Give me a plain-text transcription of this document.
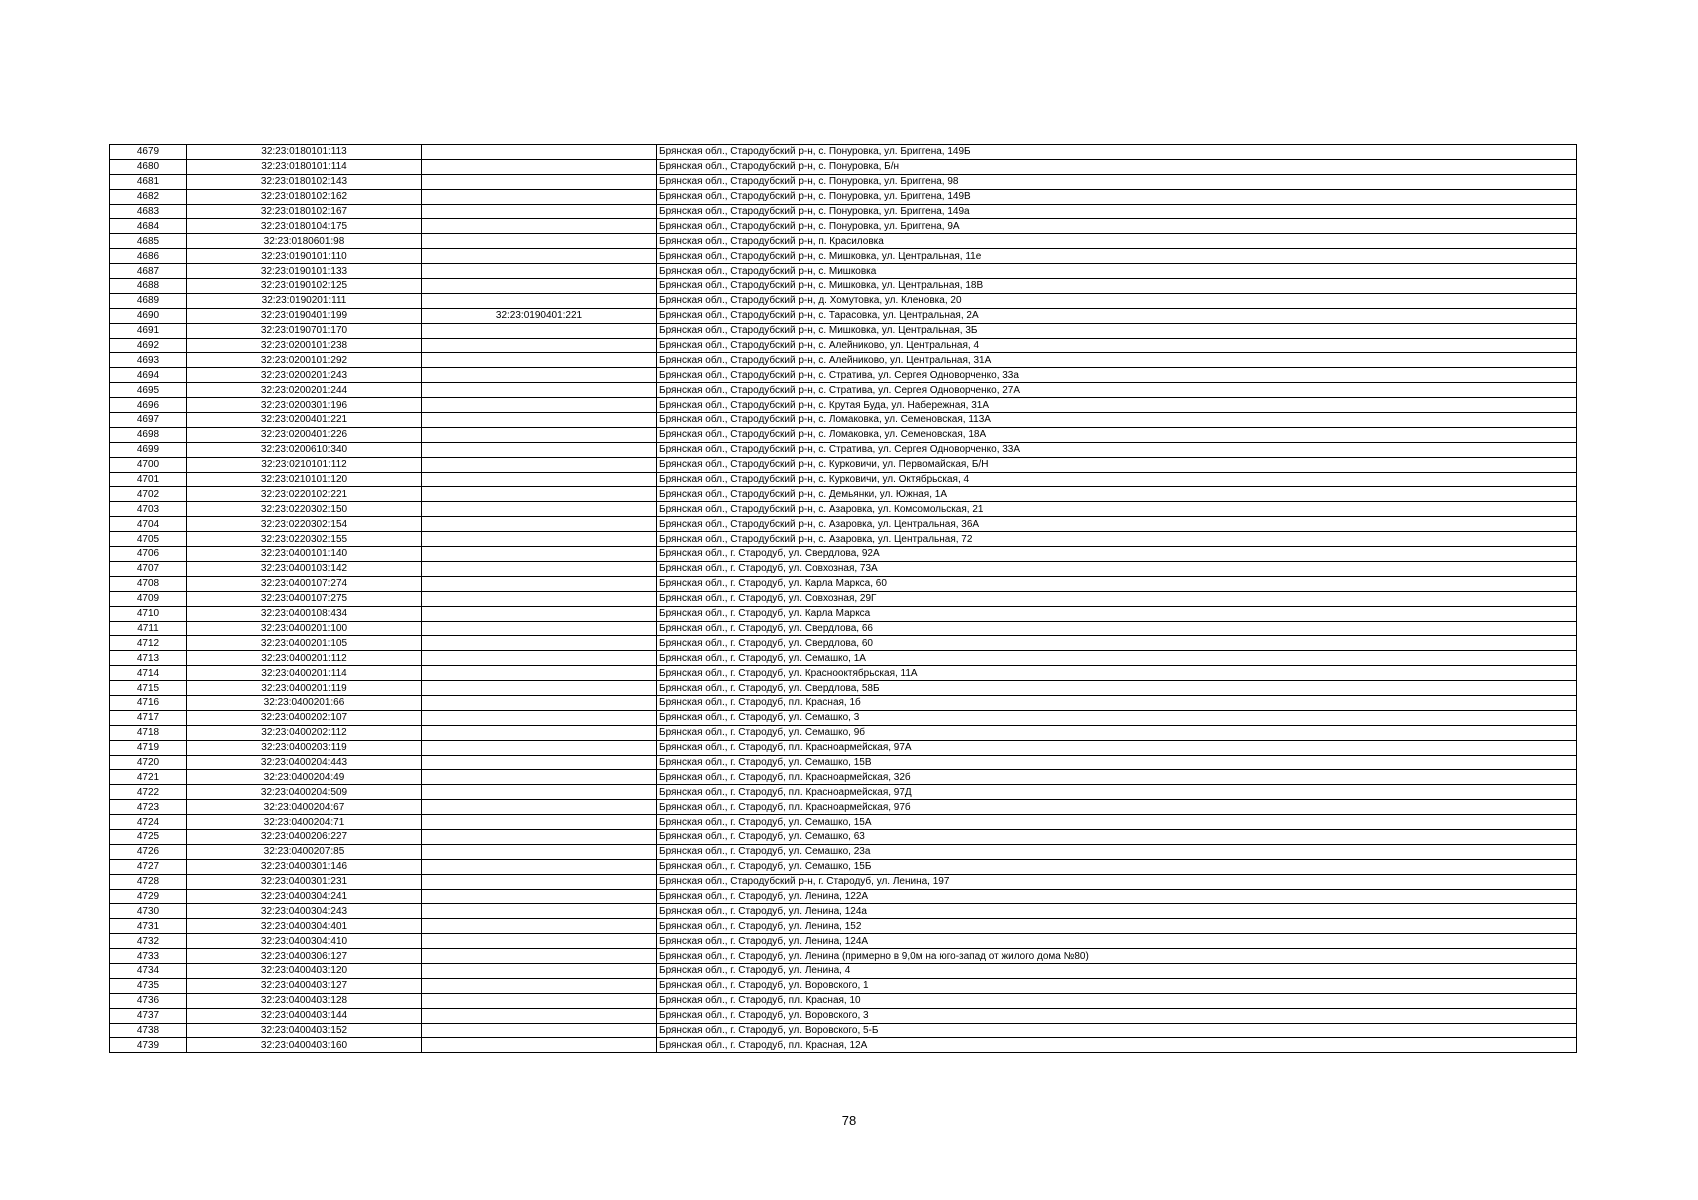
4679	32:23:0180101:113		Брянская обл., Стародубский р-н, с. Понуровка, ул. Бриггена, 149Б
4680	32:23:0180101:114		Брянская обл., Стародубский р-н, с. Понуровка, Б/н
4681	32:23:0180102:143		Брянская обл., Стародубский р-н, с. Понуровка, ул. Бриггена, 98
4682	32:23:0180102:162		Брянская обл., Стародубский р-н, с. Понуровка, ул. Бриггена, 149В
4683	32:23:0180102:167		Брянская обл., Стародубский р-н, с. Понуровка, ул. Бриггена, 149а
4684	32:23:0180104:175		Брянская обл., Стародубский р-н, с. Понуровка, ул. Бриггена, 9А
4685	32:23:0180601:98		Брянская обл., Стародубский р-н, п. Красиловка
4686	32:23:0190101:110		Брянская обл., Стародубский р-н, с. Мишковка, ул. Центральная, 11е
4687	32:23:0190101:133		Брянская обл., Стародубский р-н, с. Мишковка
4688	32:23:0190102:125		Брянская обл., Стародубский р-н, с. Мишковка, ул. Центральная, 18В
4689	32:23:0190201:111		Брянская обл., Стародубский р-н, д. Хомутовка, ул. Кленовка, 20
4690	32:23:0190401:199	32:23:0190401:221	Брянская обл., Стародубский р-н, с. Тарасовка, ул. Центральная, 2А
4691	32:23:0190701:170		Брянская обл., Стародубский р-н, с. Мишковка, ул. Центральная, 3Б
4692	32:23:0200101:238		Брянская обл., Стародубский р-н, с. Алейниково, ул. Центральная, 4
4693	32:23:0200101:292		Брянская обл., Стародубский р-н, с. Алейниково, ул. Центральная, 31А
4694	32:23:0200201:243		Брянская обл., Стародубский р-н, с. Стратива, ул. Сергея Одноворченко, 33а
4695	32:23:0200201:244		Брянская обл., Стародубский р-н, с. Стратива, ул. Сергея Одноворченко, 27А
4696	32:23:0200301:196		Брянская обл., Стародубский р-н, с. Крутая Буда, ул. Набережная, 31А
4697	32:23:0200401:221		Брянская обл., Стародубский р-н, с. Ломаковка, ул. Семеновская, 113А
4698	32:23:0200401:226		Брянская обл., Стародубский р-н, с. Ломаковка, ул. Семеновская, 18А
4699	32:23:0200610:340		Брянская обл., Стародубский р-н, с. Стратива, ул. Сергея Одноворченко, 33А
4700	32:23:0210101:112		Брянская обл., Стародубский р-н, с. Курковичи, ул. Первомайская, Б/Н
4701	32:23:0210101:120		Брянская обл., Стародубский р-н, с. Курковичи, ул. Октябрьская, 4
4702	32:23:0220102:221		Брянская обл., Стародубский р-н, с. Демьянки, ул. Южная, 1А
4703	32:23:0220302:150		Брянская обл., Стародубский р-н, с. Азаровка, ул. Комсомольская, 21
4704	32:23:0220302:154		Брянская обл., Стародубский р-н, с. Азаровка, ул. Центральная, 36А
4705	32:23:0220302:155		Брянская обл., Стародубский р-н, с. Азаровка, ул. Центральная, 72
4706	32:23:0400101:140		Брянская обл., г. Стародуб, ул. Свердлова, 92А
4707	32:23:0400103:142		Брянская обл., г. Стародуб, ул. Совхозная, 73А
4708	32:23:0400107:274		Брянская обл., г. Стародуб, ул. Карла Маркса, 60
4709	32:23:0400107:275		Брянская обл., г. Стародуб, ул. Совхозная, 29Г
4710	32:23:0400108:434		Брянская обл., г. Стародуб, ул. Карла Маркса
4711	32:23:0400201:100		Брянская обл., г. Стародуб, ул. Свердлова, 66
4712	32:23:0400201:105		Брянская обл., г. Стародуб, ул. Свердлова, 60
4713	32:23:0400201:112		Брянская обл., г. Стародуб, ул. Семашко, 1А
4714	32:23:0400201:114		Брянская обл., г. Стародуб, ул. Краснооктябрьская, 11А
4715	32:23:0400201:119		Брянская обл., г. Стародуб, ул. Свердлова, 58Б
4716	32:23:0400201:66		Брянская обл., г. Стародуб, пл. Красная, 1б
4717	32:23:0400202:107		Брянская обл., г. Стародуб, ул. Семашко, 3
4718	32:23:0400202:112		Брянская обл., г. Стародуб, ул. Семашко, 9б
4719	32:23:0400203:119		Брянская обл., г. Стародуб, пл. Красноармейская, 97А
4720	32:23:0400204:443		Брянская обл., г. Стародуб, ул. Семашко, 15В
4721	32:23:0400204:49		Брянская обл., г. Стародуб, пл. Красноармейская, 32б
4722	32:23:0400204:509		Брянская обл., г. Стародуб, пл. Красноармейская, 97Д
4723	32:23:0400204:67		Брянская обл., г. Стародуб, пл. Красноармейская, 97б
4724	32:23:0400204:71		Брянская обл., г. Стародуб, ул. Семашко, 15А
4725	32:23:0400206:227		Брянская обл., г. Стародуб, ул. Семашко, 63
4726	32:23:0400207:85		Брянская обл., г. Стародуб, ул. Семашко, 23а
4727	32:23:0400301:146		Брянская обл., г. Стародуб, ул. Семашко, 15Б
4728	32:23:0400301:231		Брянская обл., Стародубский р-н, г. Стародуб, ул. Ленина, 197
4729	32:23:0400304:241		Брянская обл., г. Стародуб, ул. Ленина, 122А
4730	32:23:0400304:243		Брянская обл., г. Стародуб, ул. Ленина, 124а
4731	32:23:0400304:401		Брянская обл., г. Стародуб, ул. Ленина, 152
4732	32:23:0400304:410		Брянская обл., г. Стародуб, ул. Ленина, 124А
4733	32:23:0400306:127		Брянская обл., г. Стародуб, ул. Ленина (примерно в 9,0м на юго-запад от жилого дома №80)
4734	32:23:0400403:120		Брянская обл., г. Стародуб, ул. Ленина, 4
4735	32:23:0400403:127		Брянская обл., г. Стародуб, ул. Воровского, 1
4736	32:23:0400403:128		Брянская обл., г. Стародуб, пл. Красная, 10
4737	32:23:0400403:144		Брянская обл., г. Стародуб, ул. Воровского, 3
4738	32:23:0400403:152		Брянская обл., г. Стародуб, ул. Воровского, 5-Б
4739	32:23:0400403:160		Брянская обл., г. Стародуб, пл. Красная, 12А
78
